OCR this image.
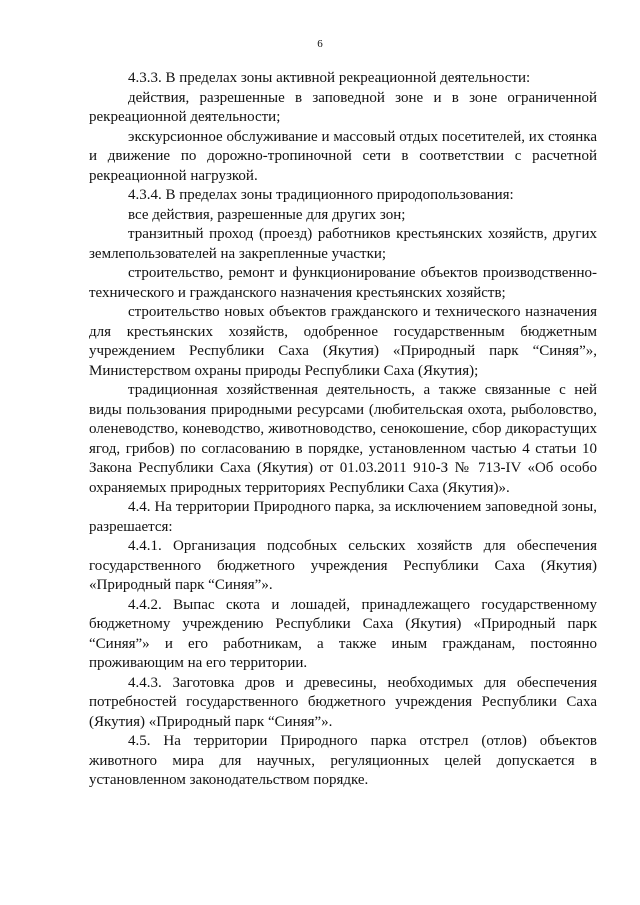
6

4.3.3. В пределах зоны активной рекреационной деятельности:

действия, разрешенные в заповедной зоне и в зоне ограниченной рекреационной деятельности;

экскурсионное обслуживание и массовый отдых посетителей, их стоянка и движение по дорожно-тропиночной сети в соответствии с расчетной рекреационной нагрузкой.

4.3.4. В пределах зоны традиционного природопользования:

все действия, разрешенные для других зон;

транзитный проход (проезд) работников крестьянских хозяйств, других землепользователей на закрепленные участки;

строительство, ремонт и функционирование объектов производственно-технического и гражданского назначения крестьянских хозяйств;

строительство новых объектов гражданского и технического назначения для крестьянских хозяйств, одобренное государственным бюджетным учреждением Республики Саха (Якутия) «Природный парк “Синяя”», Министерством охраны природы Республики Саха (Якутия);

традиционная хозяйственная деятельность, а также связанные с ней виды пользования природными ресурсами (любительская охота, рыболовство, оленеводство, коневодство, животноводство, сенокошение, сбор дикорастущих ягод, грибов) по согласованию в порядке, установленном частью 4 статьи 10 Закона Республики Саха (Якутия) от 01.03.2011 910-З № 713-IV «Об особо охраняемых природных территориях Республики Саха (Якутия)».

4.4. На территории Природного парка, за исключением заповедной зоны, разрешается:

4.4.1. Организация подсобных сельских хозяйств для обеспечения государственного бюджетного учреждения Республики Саха (Якутия) «Природный парк “Синяя”».

4.4.2. Выпас скота и лошадей, принадлежащего государственному бюджетному учреждению Республики Саха (Якутия) «Природный парк “Синяя”» и его работникам, а также иным гражданам, постоянно проживающим на его территории.

4.4.3. Заготовка дров и древесины, необходимых для обеспечения потребностей государственного бюджетного учреждения Республики Саха (Якутия) «Природный парк “Синяя”».

4.5. На территории Природного парка отстрел (отлов) объектов животного мира для научных, регуляционных целей допускается в установленном законодательством порядке.
